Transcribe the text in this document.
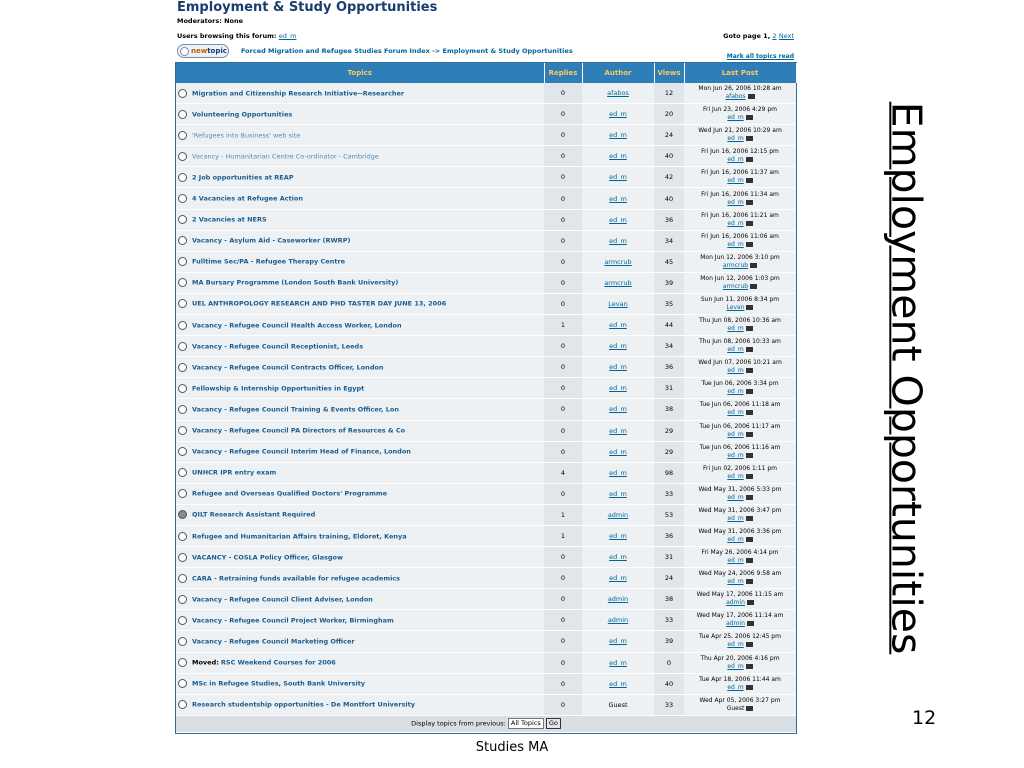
Employment & Study Opportunities
Moderators: None
Users browsing this forum: ed_m	Goto page 1, 2 Next
new topic Forced Migration and Refugee Studies Forum Index -> Employment & Study Opportunities
Mark all topics read
Topics	Replies	Author	Views	Last Post
Migration and Citizenship Research Initiative--Researcher	0	afabos	12	Mon Jun 26, 2006 10:28 am
afabos

Volunteering Opportunities	0	ed_m	20	Fri Jun 23, 2006 4:29 pm
ed_m

'Refugees into Business' web site	0	ed_m	24	Wed Jun 21, 2006 10:29 am
ed_m

Vacancy - Humanitarian Centre Co-ordinator - Cambridge	0	ed_m	40	Fri Jun 16, 2006 12:15 pm
ed_m

2 Job opportunities at REAP	0	ed_m	42	Fri Jun 16, 2006 11:37 am
ed_m

4 Vacancies at Refugee Action	0	ed_m	40	Fri Jun 16, 2006 11:34 am
ed_m

2 Vacancies at NERS	0	ed_m	36	Fri Jun 16, 2006 11:21 am
ed_m

Vacancy - Asylum Aid - Caseworker (RWRP)	0	ed_m	34	Fri Jun 16, 2006 11:06 am
ed_m

Fulltime Sec/PA - Refugee Therapy Centre	0	armcrub	45	Mon Jun 12, 2006 3:10 pm
armcrub

MA Bursary Programme (London South Bank University)	0	armcrub	39	Mon Jun 12, 2006 1:03 pm
armcrub

UEL ANTHROPOLOGY RESEARCH AND PHD TASTER DAY JUNE 13, 2006	0	Levan	35	Sun Jun 11, 2006 8:34 pm
Levan

Vacancy - Refugee Council Health Access Worker, London	1	ed_m	44	Thu Jun 08, 2006 10:36 am
ed_m

Vacancy - Refugee Council Receptionist, Leeds	0	ed_m	34	Thu Jun 08, 2006 10:33 am
ed_m

Vacancy - Refugee Council Contracts Officer, London	0	ed_m	36	Wed Jun 07, 2006 10:21 am
ed_m

Fellowship & Internship Opportunities in Egypt	0	ed_m	31	Tue Jun 06, 2006 3:34 pm
ed_m

Vacancy - Refugee Council Training & Events Officer, Lon	0	ed_m	38	Tue Jun 06, 2006 11:18 am
ed_m

Vacancy - Refugee Council PA Directors of Resources & Co	0	ed_m	29	Tue Jun 06, 2006 11:17 am
ed_m

Vacancy - Refugee Council Interim Head of Finance, London	0	ed_m	29	Tue Jun 06, 2006 11:16 am
ed_m

UNHCR IPR entry exam	4	ed_m	98	Fri Jun 02, 2006 1:11 pm
ed_m

Refugee and Overseas Qualified Doctors' Programme	0	ed_m	33	Wed May 31, 2006 5:33 pm
ed_m

QILT Research Assistant Required	1	admin	53	Wed May 31, 2006 3:47 pm
ed_m

Refugee and Humanitarian Affairs training, Eldoret, Kenya	1	ed_m	36	Wed May 31, 2006 3:36 pm
ed_m

VACANCY - COSLA Policy Officer, Glasgow	0	ed_m	31	Fri May 26, 2006 4:14 pm
ed_m

CARA - Retraining funds available for refugee academics	0	ed_m	24	Wed May 24, 2006 9:58 am
ed_m

Vacancy - Refugee Council Client Adviser, London	0	admin	38	Wed May 17, 2006 11:15 am
admin

Vacancy - Refugee Council Project Worker, Birmingham	0	admin	33	Wed May 17, 2006 11:14 am
admin

Vacancy - Refugee Council Marketing Officer	0	ed_m	39	Tue Apr 25, 2006 12:45 pm
ed_m

Moved: RSC Weekend Courses for 2006	0	ed_m	0	Thu Apr 20, 2006 4:16 pm
ed_m

MSc in Refugee Studies, South Bank University	0	ed_m	40	Tue Apr 18, 2006 11:44 am
ed_m

Research studentship opportunities - De Montfort University	0	Guest	33	Wed Apr 05, 2006 3:27 pm
Guest

Display topics from previous: All Topics Go				
Employment Opportunities
12
Studies MA
